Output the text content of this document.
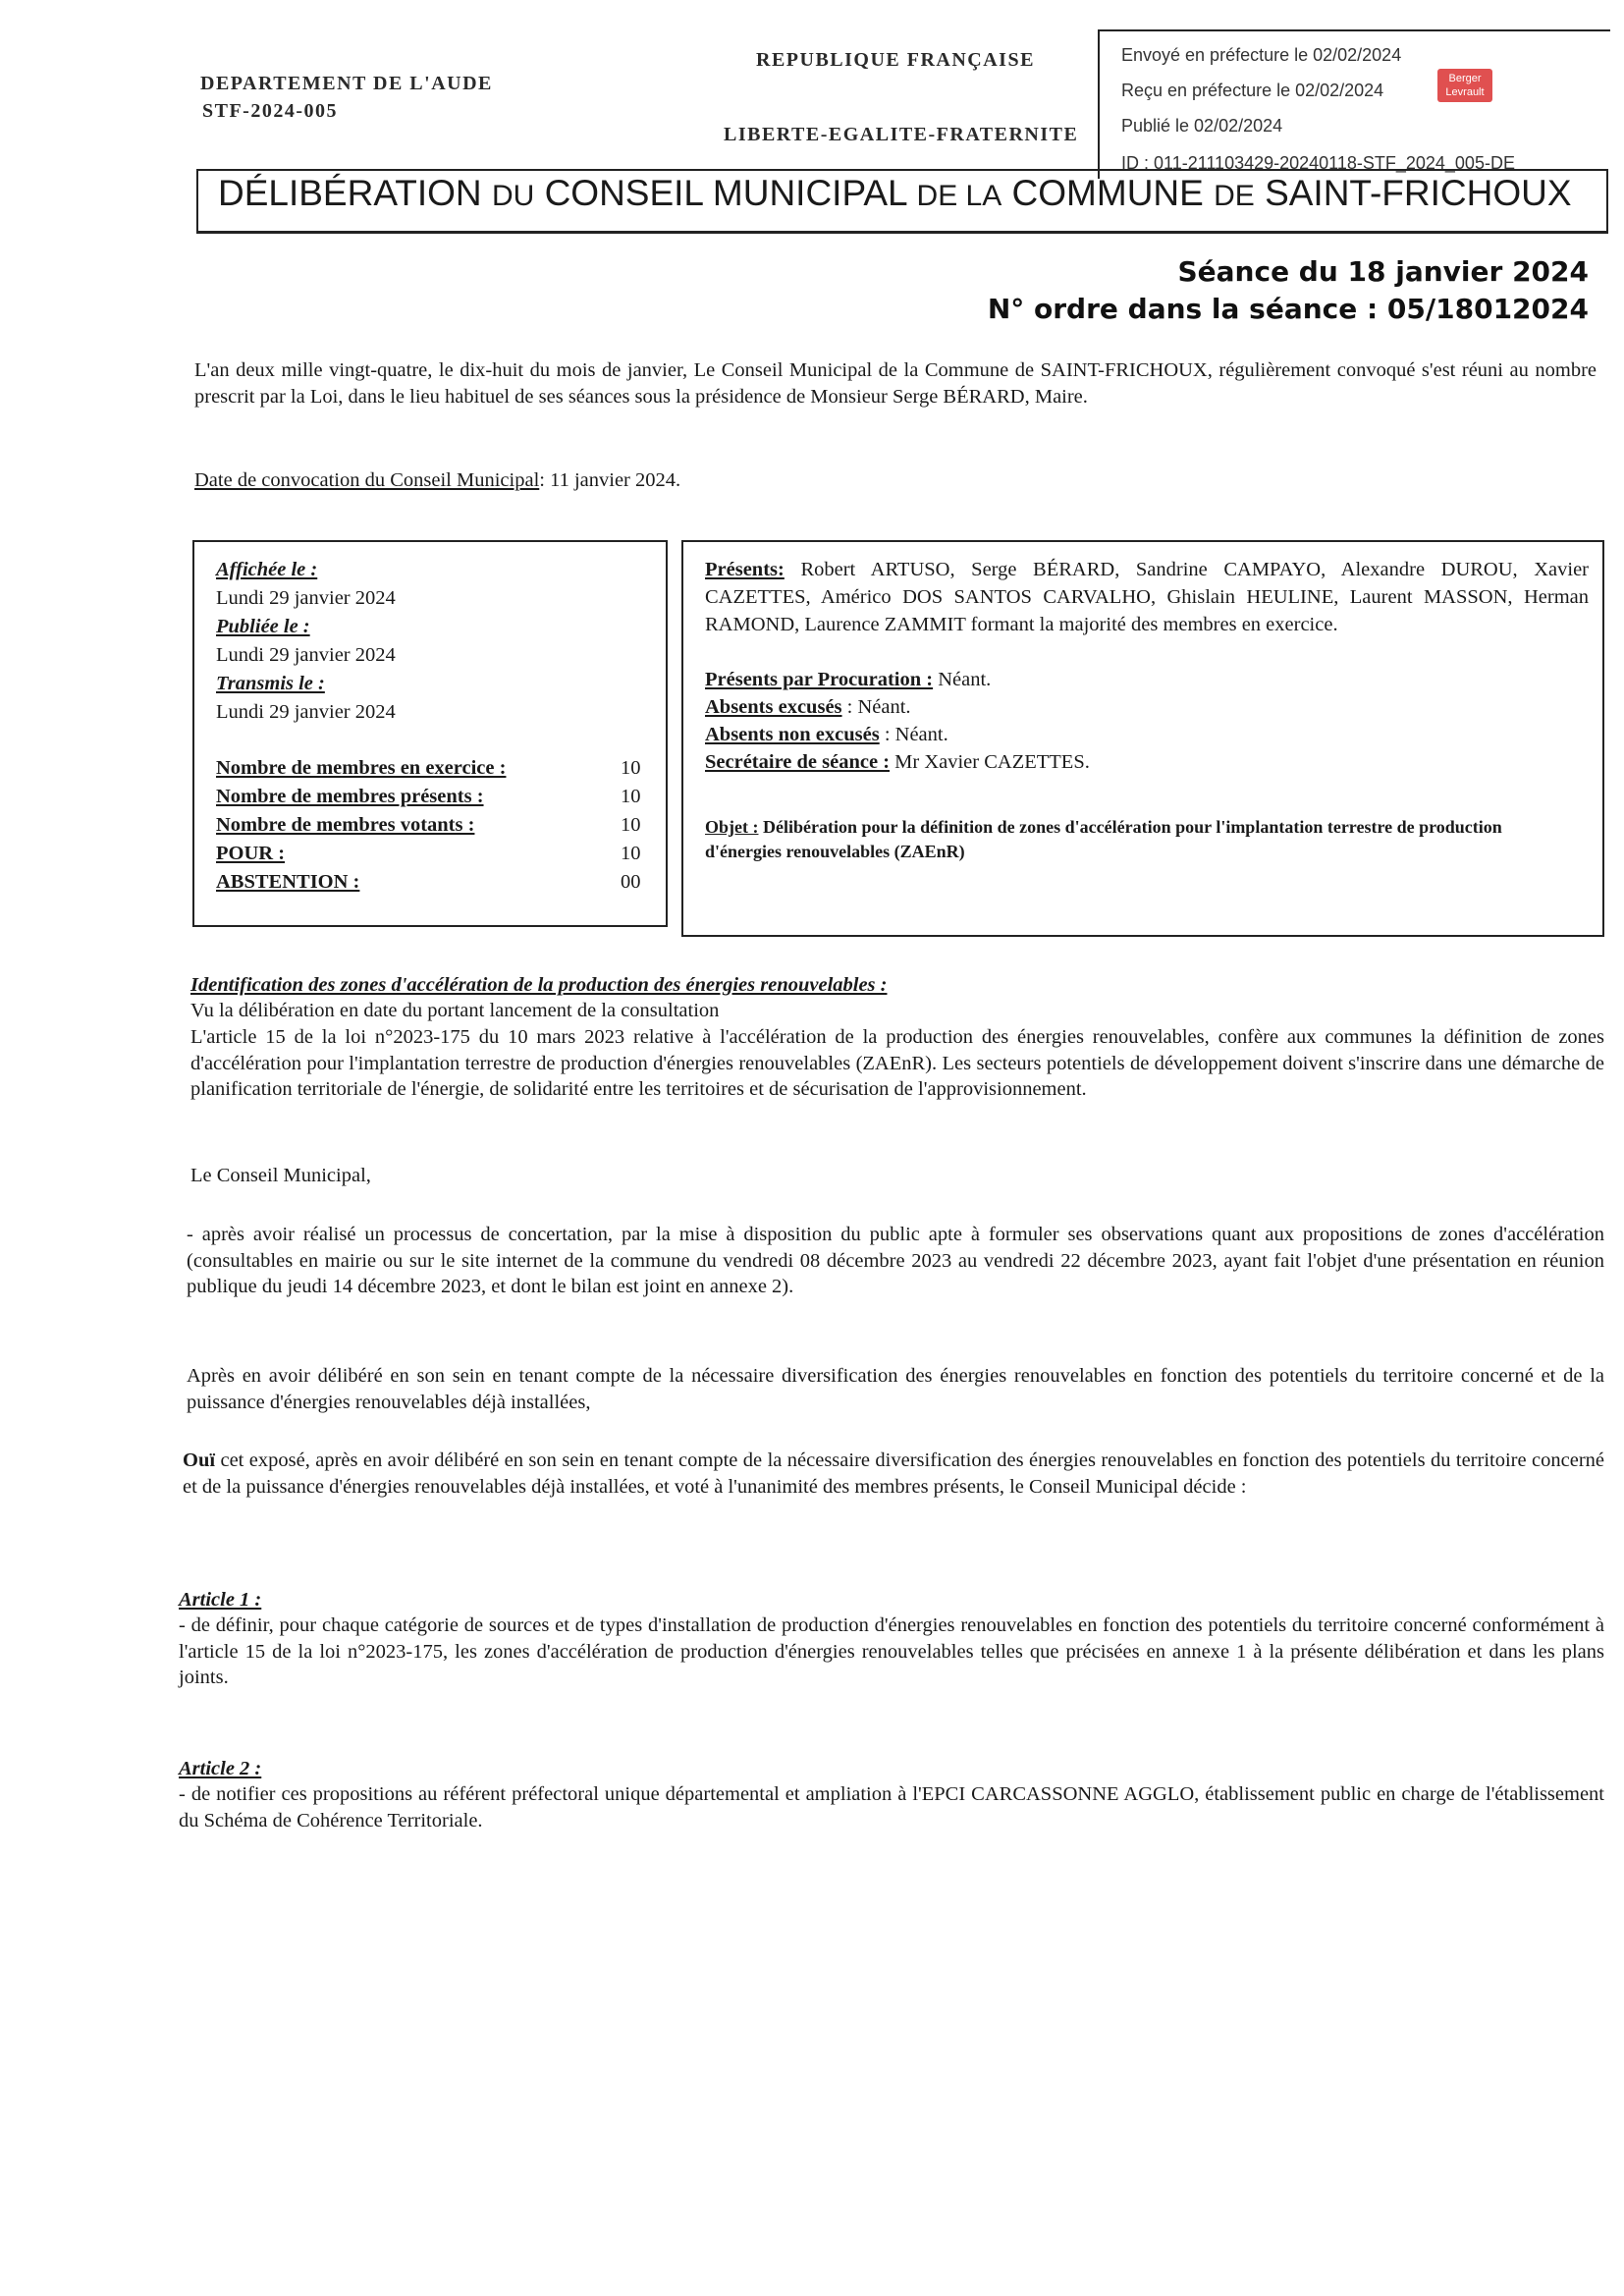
DEPARTEMENT DE L'AUDE
STF-2024-005
REPUBLIQUE FRANÇAISE
LIBERTE-EGALITE-FRATERNITE
Envoyé en préfecture le 02/02/2024
Reçu en préfecture le 02/02/2024
Publié le 02/02/2024
ID : 011-211103429-20240118-STF_2024_005-DE
Berger
Levrault
DÉLIBÉRATION DU CONSEIL MUNICIPAL DE LA COMMUNE DE SAINT-FRICHOUX
Séance du 18 janvier 2024
N° ordre dans la séance : 05/18012024
L'an deux mille vingt-quatre, le dix-huit du mois de janvier, Le Conseil Municipal de la Commune de SAINT-FRICHOUX, régulièrement convoqué s'est réuni au nombre prescrit par la Loi, dans le lieu habituel de ses séances sous la présidence de Monsieur Serge BÉRARD, Maire.
Date de convocation du Conseil Municipal: 11 janvier 2024.
Affichée le :
Lundi 29 janvier 2024
Publiée le :
Lundi 29 janvier 2024
Transmis le :
Lundi 29 janvier 2024
Nombre de membres en exercice :	10
Nombre de membres présents :	10
Nombre de membres votants :	10
POUR :	10
ABSTENTION :	00
Présents: Robert ARTUSO, Serge BÉRARD, Sandrine CAMPAYO, Alexandre DUROU, Xavier CAZETTES, Américo DOS SANTOS CARVALHO, Ghislain HEULINE, Laurent MASSON, Herman RAMOND, Laurence ZAMMIT formant la majorité des membres en exercice.
Présents par Procuration : Néant.
Absents excusés : Néant.
Absents non excusés : Néant.
Secrétaire de séance : Mr Xavier CAZETTES.
Objet : Délibération pour la définition de zones d'accélération pour l'implantation terrestre de production d'énergies renouvelables (ZAEnR)
Identification des zones d'accélération de la production des énergies renouvelables :
Vu la délibération en date du portant lancement de la consultation
L'article 15 de la loi n°2023-175 du 10 mars 2023 relative à l'accélération de la production des énergies renouvelables, confère aux communes la définition de zones d'accélération pour l'implantation terrestre de production d'énergies renouvelables (ZAEnR). Les secteurs potentiels de développement doivent s'inscrire dans une démarche de planification territoriale de l'énergie, de solidarité entre les territoires et de sécurisation de l'approvisionnement.
Le Conseil Municipal,
- après avoir réalisé un processus de concertation, par la mise à disposition du public apte à formuler ses observations quant aux propositions de zones d'accélération (consultables en mairie ou sur le site internet de la commune du vendredi 08 décembre 2023 au vendredi 22 décembre 2023, ayant fait l'objet d'une présentation en réunion publique du jeudi 14 décembre 2023, et dont le bilan est joint en annexe 2).
Après en avoir délibéré en son sein en tenant compte de la nécessaire diversification des énergies renouvelables en fonction des potentiels du territoire concerné et de la puissance d'énergies renouvelables déjà installées,
Ouï cet exposé, après en avoir délibéré en son sein en tenant compte de la nécessaire diversification des énergies renouvelables en fonction des potentiels du territoire concerné et de la puissance d'énergies renouvelables déjà installées, et voté à l'unanimité des membres présents, le Conseil Municipal décide :
Article 1 :
- de définir, pour chaque catégorie de sources et de types d'installation de production d'énergies renouvelables en fonction des potentiels du territoire concerné conformément à l'article 15 de la loi n°2023-175, les zones d'accélération de production d'énergies renouvelables telles que précisées en annexe 1 à la présente délibération et dans les plans joints.
Article 2 :
- de notifier ces propositions au référent préfectoral unique départemental et ampliation à l'EPCI CARCASSONNE AGGLO, établissement public en charge de l'établissement du Schéma de Cohérence Territoriale.
